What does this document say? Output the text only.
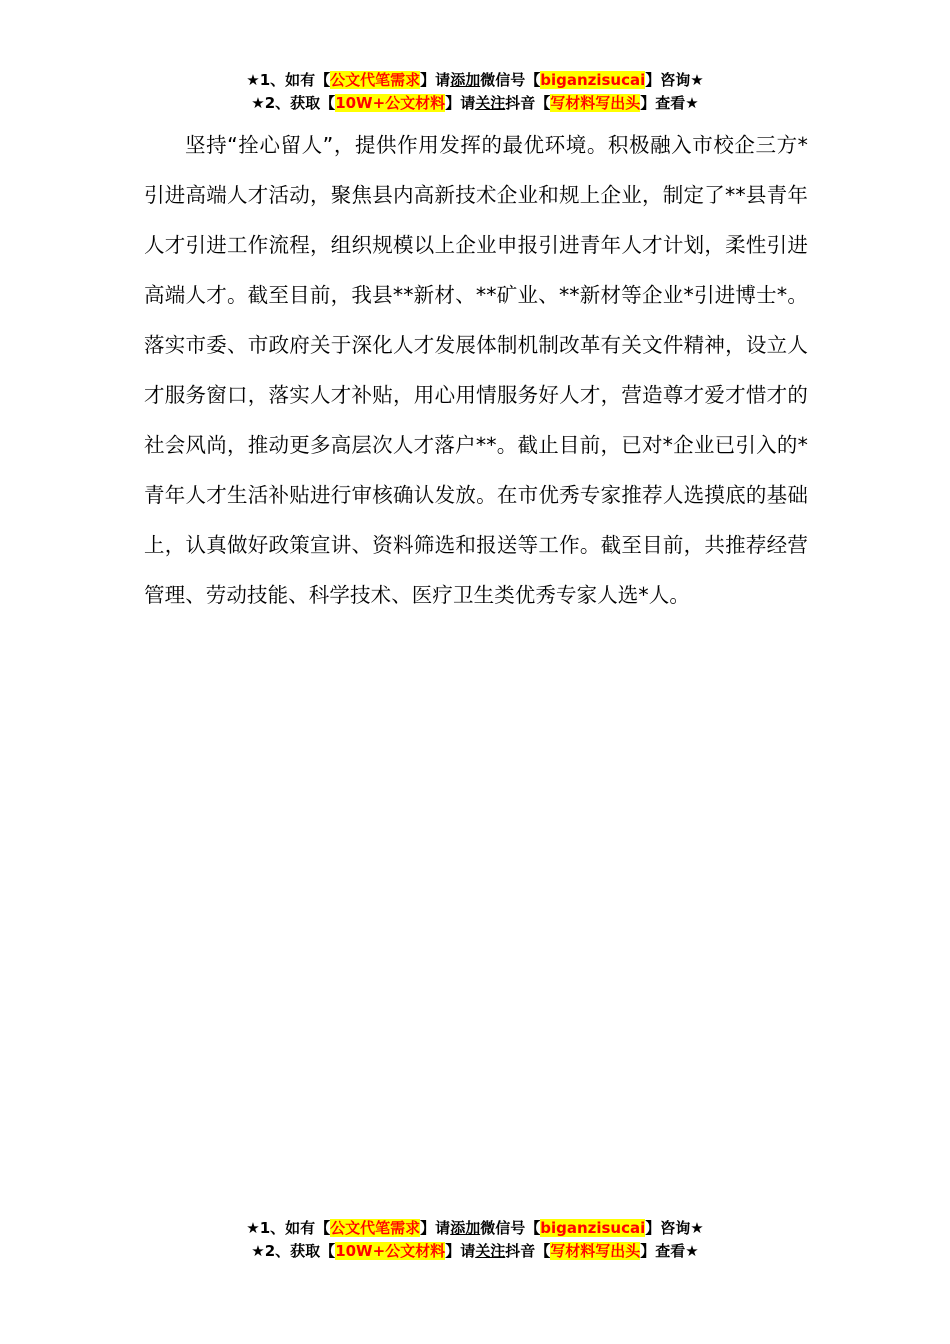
★1、如有【公文代笔需求】请添加微信号【biganzisucai】咨询★
★2、获取【10W+公文材料】请关注抖音【写材料写出头】查看★

坚持“拴心留人”，提供作用发挥的最优环境。积极融入市校企三方*引进高端人才活动，聚焦县内高新技术企业和规上企业，制定了**县青年人才引进工作流程，组织规模以上企业申报引进青年人才计划，柔性引进高端人才。截至目前，我县**新材、**矿业、**新材等企业*引进博士*。落实市委、市政府关于深化人才发展体制机制改革有关文件精神，设立人才服务窗口，落实人才补贴，用心用情服务好人才，营造尊才爱才惜才的社会风尚，推动更多高层次人才落户**。截止目前，已对*企业已引入的*青年人才生活补贴进行审核确认发放。在市优秀专家推荐人选摸底的基础上，认真做好政策宣讲、资料筛选和报送等工作。截至目前，共推荐经营管理、劳动技能、科学技术、医疗卫生类优秀专家人选*人。

★1、如有【公文代笔需求】请添加微信号【biganzisucai】咨询★
★2、获取【10W+公文材料】请关注抖音【写材料写出头】查看★
